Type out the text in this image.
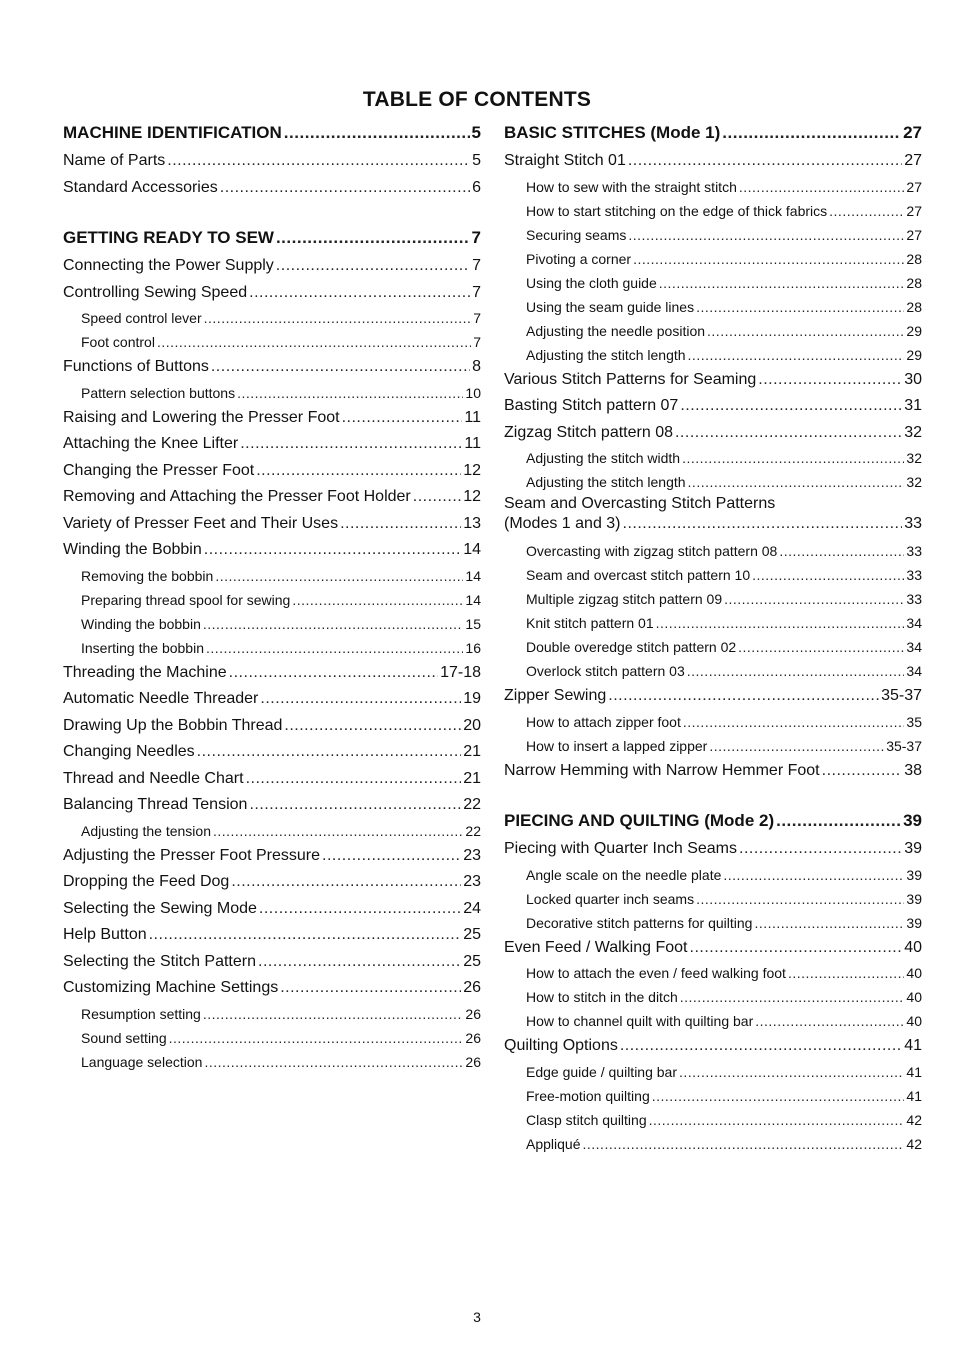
TABLE OF CONTENTS
MACHINE IDENTIFICATION .....	5
Name of Parts .....	5
Standard Accessories .....	6
GETTING READY TO SEW .....	7
Connecting the Power Supply .....	7
Controlling Sewing Speed .....	7
Speed control lever .....	7
Foot control .....	7
Functions of Buttons .....	8
Pattern selection buttons .....	10
Raising and Lowering the Presser Foot .....	11
Attaching the Knee Lifter .....	11
Changing the Presser Foot .....	12
Removing and Attaching the Presser Foot Holder .....	12
Variety of Presser Feet and Their Uses .....	13
Winding the Bobbin .....	14
Removing the bobbin .....	14
Preparing thread spool for sewing .....	14
Winding the bobbin .....	15
Inserting the bobbin .....	16
Threading the Machine .....	17-18
Automatic Needle Threader .....	19
Drawing Up the Bobbin Thread .....	20
Changing Needles .....	21
Thread and Needle Chart .....	21
Balancing Thread Tension .....	22
Adjusting the tension .....	22
Adjusting the Presser Foot Pressure .....	23
Dropping the Feed Dog .....	23
Selecting the Sewing Mode .....	24
Help Button .....	25
Selecting the Stitch Pattern .....	25
Customizing Machine Settings .....	26
Resumption setting .....	26
Sound setting .....	26
Language selection .....	26
BASIC STITCHES (Mode 1) .....	27
Straight Stitch 01 .....	27
How to sew with the straight stitch .....	27
How to start stitching on the edge of thick fabrics .....	27
Securing seams .....	27
Pivoting a corner .....	28
Using the cloth guide .....	28
Using the seam guide lines .....	28
Adjusting the needle position .....	29
Adjusting the stitch length .....	29
Various Stitch Patterns for Seaming .....	30
Basting Stitch pattern 07 .....	31
Zigzag Stitch pattern 08 .....	32
Adjusting the stitch width .....	32
Adjusting the stitch length .....	32
Seam and Overcasting Stitch Patterns
(Modes 1 and 3) .....	33
Overcasting with zigzag stitch pattern 08 .....	33
Seam and overcast stitch pattern 10 .....	33
Multiple zigzag stitch pattern 09 .....	33
Knit stitch pattern 01 .....	34
Double overedge stitch pattern 02 .....	34
Overlock stitch pattern 03 .....	34
Zipper Sewing .....	35-37
How to attach zipper foot .....	35
How to insert a lapped zipper .....	35-37
Narrow Hemming with Narrow Hemmer Foot .....	38
PIECING AND QUILTING (Mode 2) .....	39
Piecing with Quarter Inch Seams .....	39
Angle scale on the needle plate .....	39
Locked quarter inch seams .....	39
Decorative stitch patterns for quilting .....	39
Even Feed / Walking Foot .....	40
How to attach the even / feed walking foot .....	40
How to stitch in the ditch .....	40
How to channel quilt with quilting bar .....	40
Quilting Options .....	41
Edge guide / quilting bar .....	41
Free-motion quilting .....	41
Clasp stitch quilting .....	42
Appliqué .....	42
3
